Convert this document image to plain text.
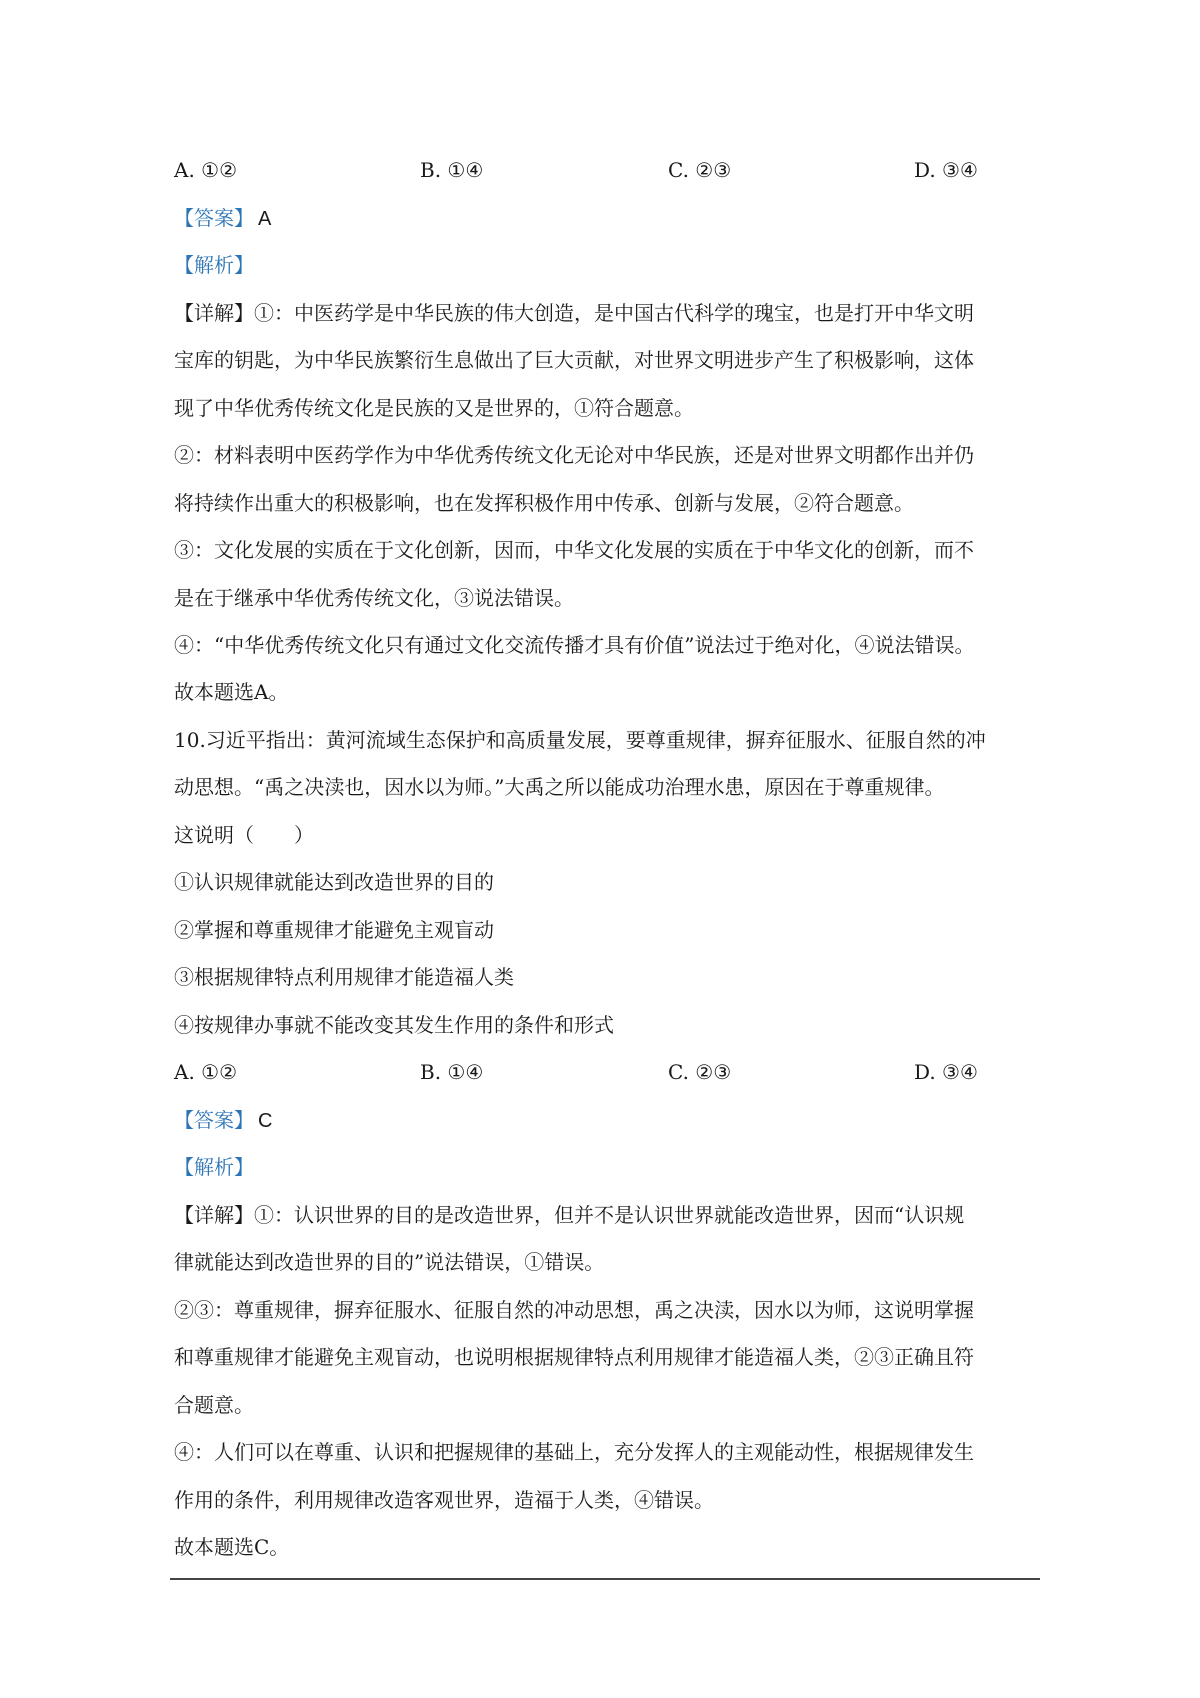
A. ①②	B. ①④	C. ②③	D. ③④
【答案】 A
【解析】
【详解】①：中医药学是中华民族的伟大创造，是中国古代科学的瑰宝，也是打开中华文明
宝库的钥匙，为中华民族繁衍生息做出了巨大贡献，对世界文明进步产生了积极影响，这体
现了中华优秀传统文化是民族的又是世界的，①符合题意。
②：材料表明中医药学作为中华优秀传统文化无论对中华民族，还是对世界文明都作出并仍
将持续作出重大的积极影响，也在发挥积极作用中传承、创新与发展，②符合题意。
③：文化发展的实质在于文化创新，因而，中华文化发展的实质在于中华文化的创新，而不
是在于继承中华优秀传统文化，③说法错误。
④：“中华优秀传统文化只有通过文化交流传播才具有价值”说法过于绝对化，④说法错误。
故本题选A。
10.习近平指出：黄河流域生态保护和高质量发展，要尊重规律，摒弃征服水、征服自然的冲
动思想。“禹之决渎也，因水以为师。”大禹之所以能成功治理水患，原因在于尊重规律。
这说明（　　）
①认识规律就能达到改造世界的目的
②掌握和尊重规律才能避免主观盲动
③根据规律特点利用规律才能造福人类
④按规律办事就不能改变其发生作用的条件和形式
A. ①②	B. ①④	C. ②③	D. ③④
【答案】 C
【解析】
【详解】①：认识世界的目的是改造世界，但并不是认识世界就能改造世界，因而“认识规
律就能达到改造世界的目的”说法错误，①错误。
②③：尊重规律，摒弃征服水、征服自然的冲动思想，禹之决渎，因水以为师，这说明掌握
和尊重规律才能避免主观盲动，也说明根据规律特点利用规律才能造福人类，②③正确且符
合题意。
④：人们可以在尊重、认识和把握规律的基础上，充分发挥人的主观能动性，根据规律发生
作用的条件，利用规律改造客观世界，造福于人类，④错误。
故本题选C。
